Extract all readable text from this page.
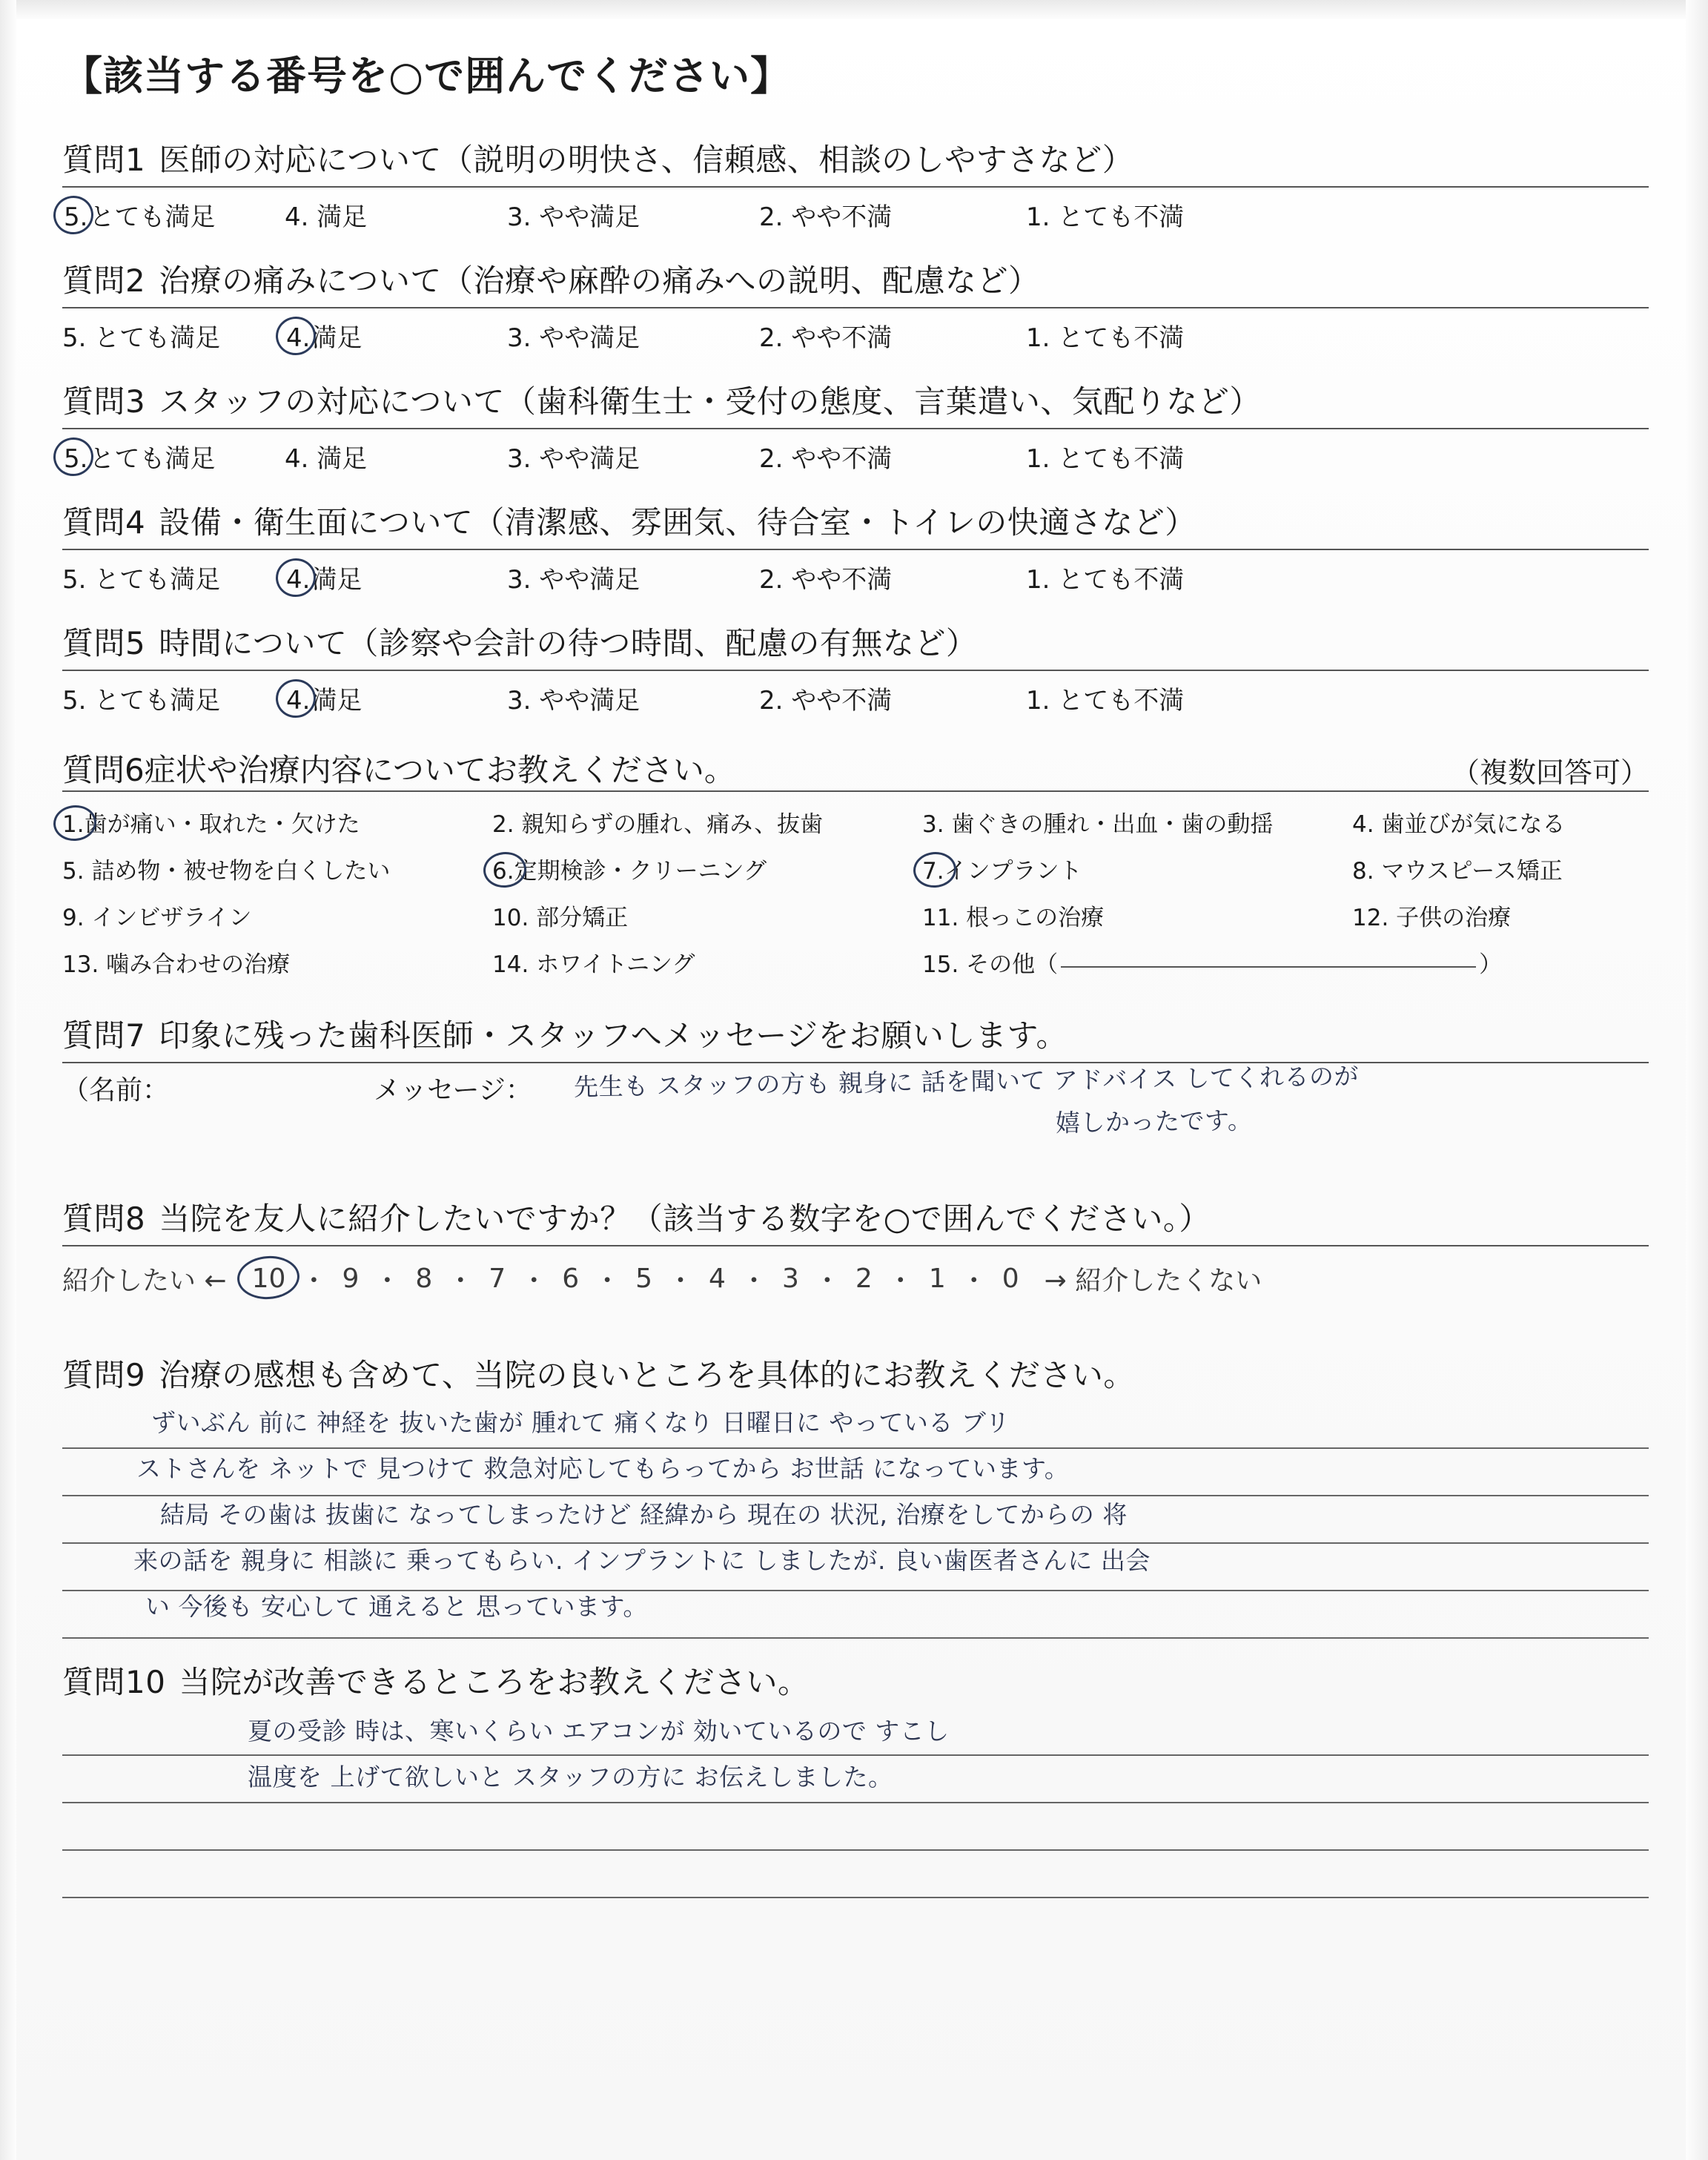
【該当する番号を○で囲んでください】
質問1 医師の対応について（説明の明快さ、信頼感、相談のしやすさなど）
5.とても満足	4. 満足	3. やや満足	2. やや不満	1. とても不満
質問2 治療の痛みについて（治療や麻酔の痛みへの説明、配慮など）
5. とても満足	4.満足	3. やや満足	2. やや不満	1. とても不満
質問3 スタッフの対応について（歯科衛生士・受付の態度、言葉遣い、気配りなど）
5.とても満足	4. 満足	3. やや満足	2. やや不満	1. とても不満
質問4 設備・衛生面について（清潔感、雰囲気、待合室・トイレの快適さなど）
5. とても満足	4.満足	3. やや満足	2. やや不満	1. とても不満
質問5 時間について（診察や会計の待つ時間、配慮の有無など）
5. とても満足	4.満足	3. やや満足	2. やや不満	1. とても不満
質問6症状や治療内容についてお教えください。	（複数回答可）
1.歯が痛い・取れた・欠けた	2. 親知らずの腫れ、痛み、抜歯	3. 歯ぐきの腫れ・出血・歯の動揺	4. 歯並びが気になる
5. 詰め物・被せ物を白くしたい	6.定期検診・クリーニング	7.インプラント	8. マウスピース矯正
9. インビザライン	10. 部分矯正	11. 根っこの治療	12. 子供の治療
13. 噛み合わせの治療	14. ホワイトニング	15. その他（	）
質問7 印象に残った歯科医師・スタッフへメッセージをお願いします。
（名前：	メッセージ：	先生も スタッフの方も 親身に 話を聞いて アドバイス してくれるのが
嬉しかったです。
質問8 当院を友人に紹介したいですか？（該当する数字を○で囲んでください。）
紹介したい ← 10 ・ 9 ・ 8 ・ 7 ・ 6 ・ 5 ・ 4 ・ 3 ・ 2 ・ 1 ・ 0 → 紹介したくない
質問9 治療の感想も含めて、当院の良いところを具体的にお教えください。
ずいぶん 前に 神経を 抜いた歯が 腫れて 痛くなり 日曜日に やっている ブリ
ストさんを ネットで 見つけて 救急対応してもらってから お世話 になっています。
結局 その歯は 抜歯に なってしまったけど 経緯から 現在の 状況, 治療をしてからの 将
来の話を 親身に 相談に 乗ってもらい. インプラントに しましたが. 良い歯医者さんに 出会
い 今後も 安心して 通えると 思っています。
質問10 当院が改善できるところをお教えください。
夏の受診 時は、寒いくらい エアコンが 効いているので すこし
温度を 上げて欲しいと スタッフの方に お伝えしました。
